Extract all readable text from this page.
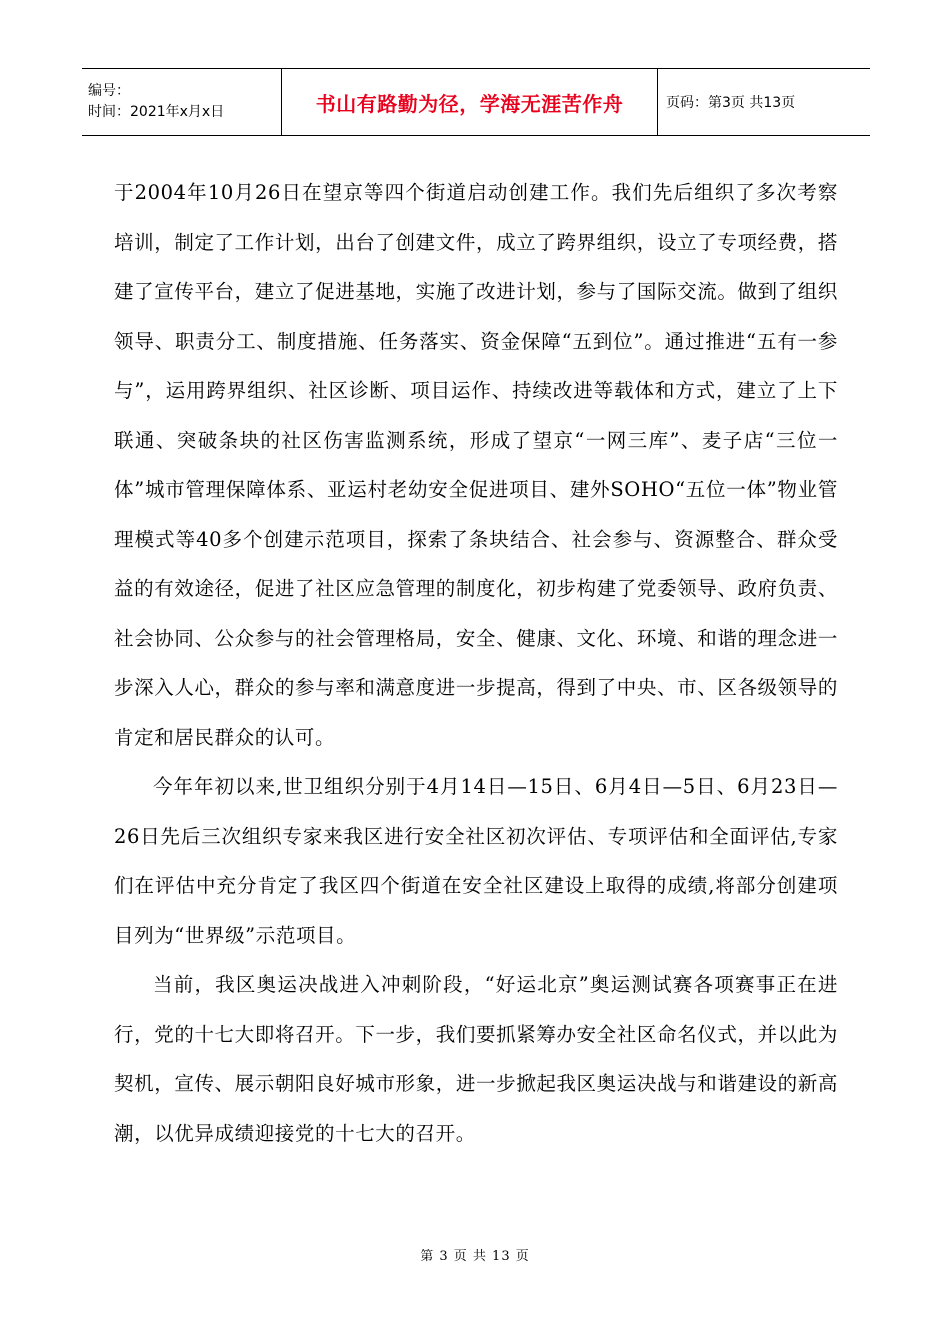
编号：
时间：2021年x月x日	书山有路勤为径，学海无涯苦作舟	页码：第3页 共13页

于2004年10月26日在望京等四个街道启动创建工作。我们先后组织了多次考察培训，制定了工作计划，出台了创建文件，成立了跨界组织，设立了专项经费，搭建了宣传平台，建立了促进基地，实施了改进计划，参与了国际交流。做到了组织领导、职责分工、制度措施、任务落实、资金保障“五到位”。通过推进“五有一参与”，运用跨界组织、社区诊断、项目运作、持续改进等载体和方式，建立了上下联通、突破条块的社区伤害监测系统，形成了望京“一网三库”、麦子店“三位一体”城市管理保障体系、亚运村老幼安全促进项目、建外SOHO“五位一体”物业管理模式等40多个创建示范项目，探索了条块结合、社会参与、资源整合、群众受益的有效途径，促进了社区应急管理的制度化，初步构建了党委领导、政府负责、社会协同、公众参与的社会管理格局，安全、健康、文化、环境、和谐的理念进一步深入人心，群众的参与率和满意度进一步提高，得到了中央、市、区各级领导的肯定和居民群众的认可。

今年年初以来,世卫组织分别于4月14日—15日、6月4日—5日、6月23日—26日先后三次组织专家来我区进行安全社区初次评估、专项评估和全面评估,专家们在评估中充分肯定了我区四个街道在安全社区建设上取得的成绩,将部分创建项目列为“世界级”示范项目。

当前，我区奥运决战进入冲刺阶段，“好运北京”奥运测试赛各项赛事正在进行，党的十七大即将召开。下一步，我们要抓紧筹办安全社区命名仪式，并以此为契机，宣传、展示朝阳良好城市形象，进一步掀起我区奥运决战与和谐建设的新高潮，以优异成绩迎接党的十七大的召开。

第 3 页 共 13 页
